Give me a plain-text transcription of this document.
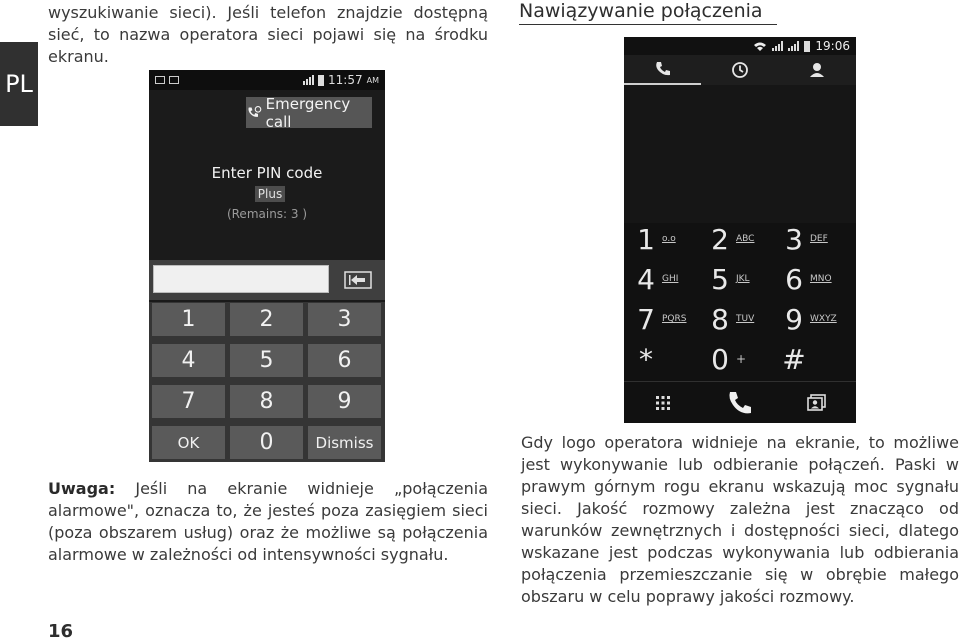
PL
wyszukiwanie sieci). Jeśli telefon znajdzie dostępną sieć, to nazwa operatora sieci pojawi się na środku ekranu.
Nawiązywanie połączenia
11:57 AM
Emergency call
Enter PIN code
Plus
(Remains: 3 )
1	2	3
4	5	6
7	8	9
OK	0	Dismiss
19:06
1 o.o 2 ABC 3 DEF
4 GHI 5 JKL 6 MNO
7 PQRS 8 TUV 9 WXYZ
* 0 + #
Uwaga: Jeśli na ekranie widnieje „połączenia alarmowe", oznacza to, że jesteś poza zasięgiem sieci (poza obszarem usług) oraz że możliwe są połączenia alarmowe w zależności od intensywności sygnału.
Gdy logo operatora widnieje na ekranie, to możliwe jest wykonywanie lub odbieranie połączeń. Paski w prawym górnym rogu ekranu wskazują moc sygnału sieci. Jakość rozmowy zależna jest znacząco od warunków zewnętrznych i dostępności sieci, dlatego wskazane jest podczas wykonywania lub odbierania połączenia przemieszczanie się w obrębie małego obszaru w celu poprawy jakości rozmowy.
16
